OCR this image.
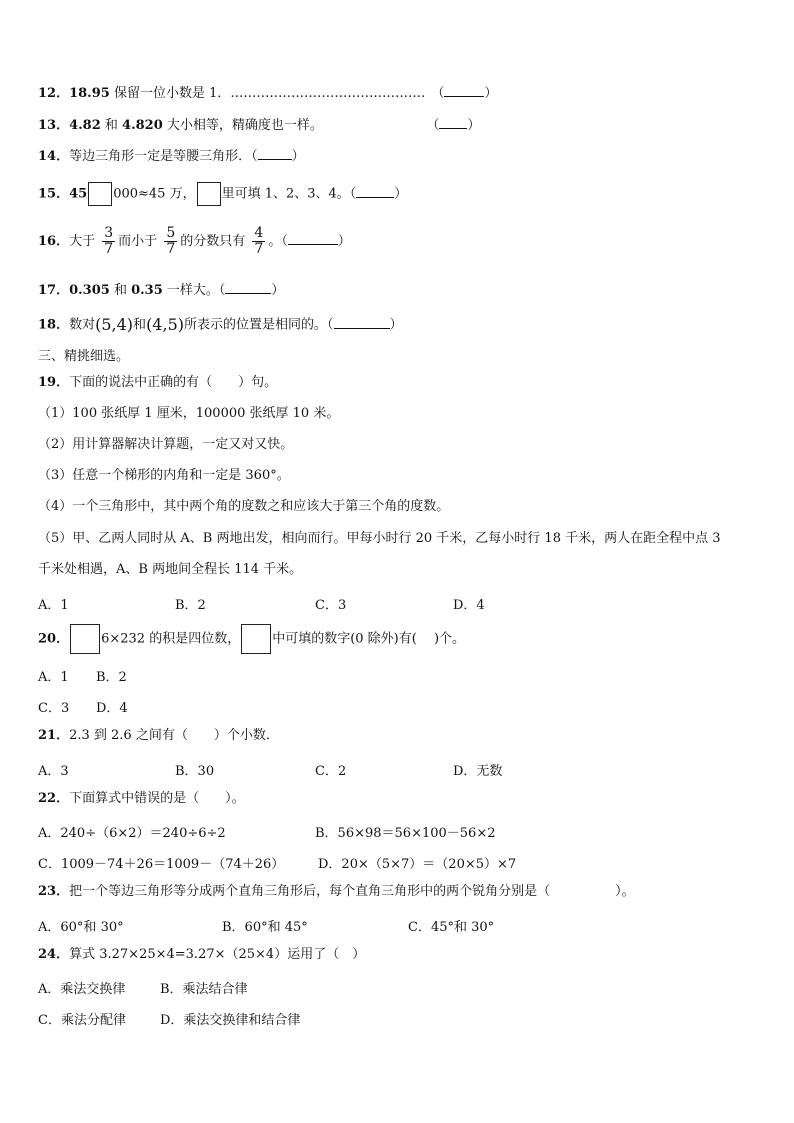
12．18.95 保留一位小数是 1．……………………………………… （	）
13．4.82 和 4.820 大小相等，精确度也一样。	（ ）
14．等边三角形一定是等腰三角形．（	）
15．45 000≈45 万， 里可填 1、2、3、4。（	）
16．大于 $\frac{3}{7}$ 而小于 $\frac{5}{7}$ 的分数只有 $\frac{4}{7}$ 。（	）
17．0.305 和 0.35 一样大。（	）
18．数对(5,4)和(4,5)所表示的位置是相同的。（	）
三、精挑细选。
19．下面的说法中正确的有（　　）句。
（1）100 张纸厚 1 厘米，100000 张纸厚 10 米。
（2）用计算器解决计算题，一定又对又快。
（3）任意一个梯形的内角和一定是 360°。
（4）一个三角形中，其中两个角的度数之和应该大于第三个角的度数。
（5）甲、乙两人同时从 A、B 两地出发，相向而行。甲每小时行 20 千米，乙每小时行 18 千米，两人在距全程中点 3
千米处相遇，A、B 两地间全程长 114 千米。
A．1	B．2	C．3	D．4
20． 6×232 的积是四位数， 中可填的数字(0 除外)有(　 )个。
A．1 B．2
C．3 D．4
21．2.3 到 2.6 之间有（　　）个小数．
A．3	B．30	C．2	D．无数
22．下面算式中错误的是（　　）。
A．240÷（6×2）＝240÷6÷2	B．56×98＝56×100－56×2
C．1009－74＋26＝1009－（74＋26）	D．20×（5×7）＝（20×5）×7
23．把一个等边三角形等分成两个直角三角形后，每个直角三角形中的两个锐角分别是（　　　　　）。
A．60°和 30°	B．60°和 45°	C．45°和 30°
24．算式 3.27×25×4=3.27×（25×4）运用了（　）
A．乘法交换律	B．乘法结合律
C．乘法分配律	D．乘法交换律和结合律
